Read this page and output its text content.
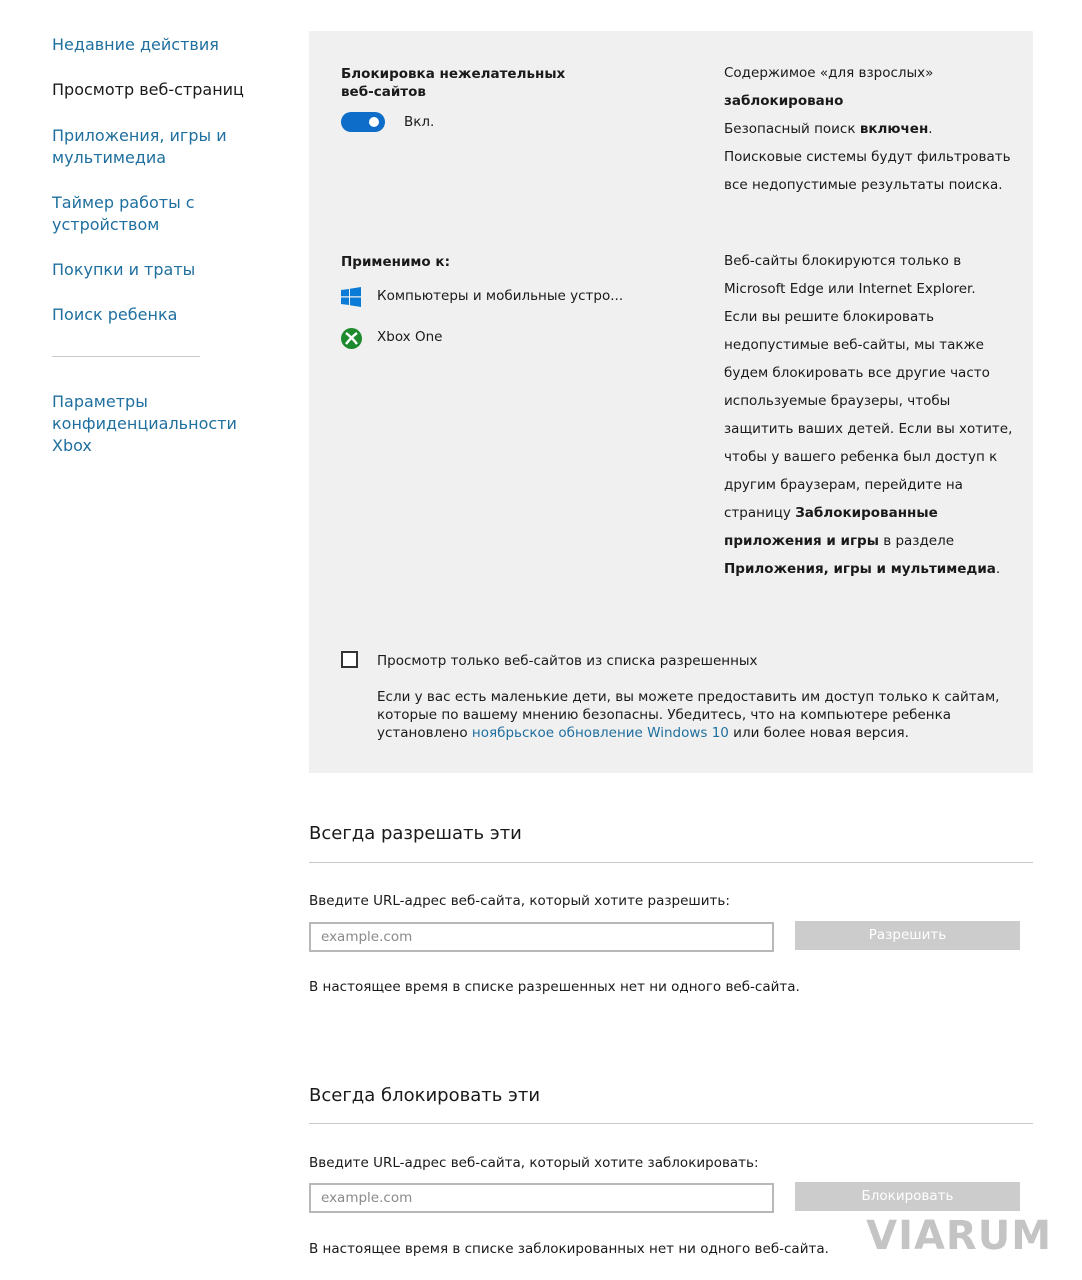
Недавние действия
Просмотр веб-страниц
Приложения, игры и мультимедиа
Таймер работы с устройством
Покупки и траты
Поиск ребенка
Параметры конфиденциальности Xbox
Блокировка нежелательных веб-сайтов
Вкл.
Содержимое «для взрослых»
заблокировано
Безопасный поиск включен.
Поисковые системы будут фильтровать
все недопустимые результаты поиска.
Применимо к:
Компьютеры и мобильные устро...
Xbox One
Веб-сайты блокируются только в
Microsoft Edge или Internet Explorer.
Если вы решите блокировать
недопустимые веб-сайты, мы также
будем блокировать все другие часто
используемые браузеры, чтобы
защитить ваших детей. Если вы хотите,
чтобы у вашего ребенка был доступ к
другим браузерам, перейдите на
страницу Заблокированные
приложения и игры в разделе
Приложения, игры и мультимедиа.
Просмотр только веб-сайтов из списка разрешенных
Если у вас есть маленькие дети, вы можете предоставить им доступ только к сайтам,
которые по вашему мнению безопасны. Убедитесь, что на компьютере ребенка
установлено ноябрьское обновление Windows 10 или более новая версия.
Всегда разрешать эти
Введите URL-адрес веб-сайта, который хотите разрешить:
example.com
Разрешить
В настоящее время в списке разрешенных нет ни одного веб-сайта.
Всегда блокировать эти
Введите URL-адрес веб-сайта, который хотите заблокировать:
example.com
Блокировать
В настоящее время в списке заблокированных нет ни одного веб-сайта. VIARUM
